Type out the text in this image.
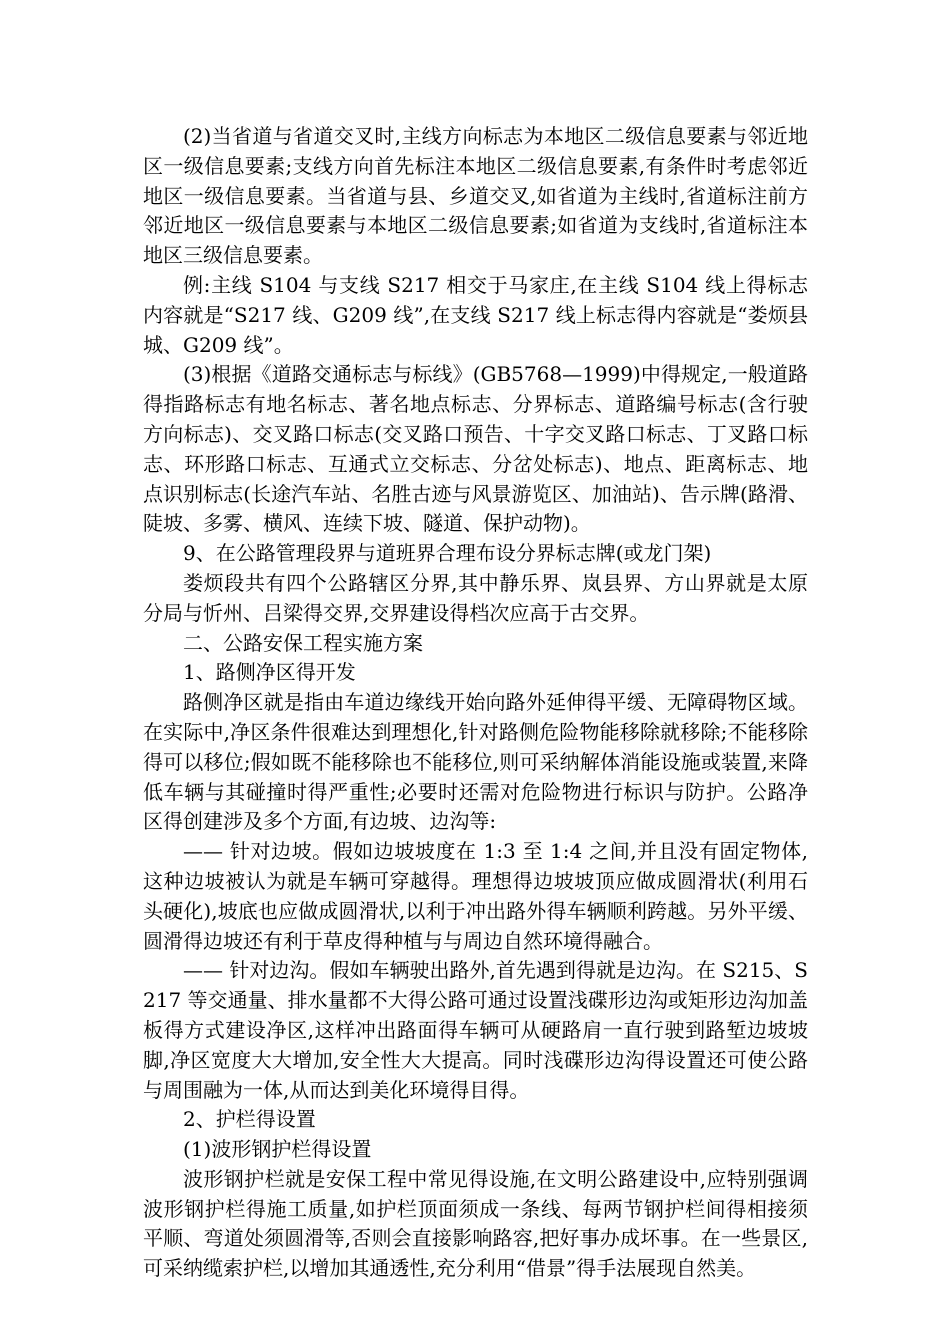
(2)当省道与省道交叉时,主线方向标志为本地区二级信息要素与邻近地区一级信息要素;支线方向首先标注本地区二级信息要素,有条件时考虑邻近地区一级信息要素。当省道与县、乡道交叉,如省道为主线时,省道标注前方邻近地区一级信息要素与本地区二级信息要素;如省道为支线时,省道标注本地区三级信息要素。

例:主线 S104 与支线 S217 相交于马家庄,在主线 S104 线上得标志内容就是“S217 线、G209 线”,在支线 S217 线上标志得内容就是“娄烦县城、G209 线”。

(3)根据《道路交通标志与标线》(GB5768—1999)中得规定,一般道路得指路标志有地名标志、著名地点标志、分界标志、道路编号标志(含行驶方向标志)、交叉路口标志(交叉路口预告、十字交叉路口标志、丁叉路口标志、环形路口标志、互通式立交标志、分岔处标志)、地点、距离标志、地点识别标志(长途汽车站、名胜古迹与风景游览区、加油站)、告示牌(路滑、陡坡、多雾、横风、连续下坡、隧道、保护动物)。

9、在公路管理段界与道班界合理布设分界标志牌(或龙门架)

娄烦段共有四个公路辖区分界,其中静乐界、岚县界、方山界就是太原分局与忻州、吕梁得交界,交界建设得档次应高于古交界。

二、公路安保工程实施方案

1、路侧净区得开发

路侧净区就是指由车道边缘线开始向路外延伸得平缓、无障碍物区域。在实际中,净区条件很难达到理想化,针对路侧危险物能移除就移除;不能移除得可以移位;假如既不能移除也不能移位,则可采纳解体消能设施或装置,来降低车辆与其碰撞时得严重性;必要时还需对危险物进行标识与防护。公路净区得创建涉及多个方面,有边坡、边沟等:

—— 针对边坡。假如边坡坡度在 1:3 至 1:4 之间,并且没有固定物体,这种边坡被认为就是车辆可穿越得。理想得边坡坡顶应做成圆滑状(利用石头硬化),坡底也应做成圆滑状,以利于冲出路外得车辆顺利跨越。另外平缓、圆滑得边坡还有利于草皮得种植与与周边自然环境得融合。

—— 针对边沟。假如车辆驶出路外,首先遇到得就是边沟。在 S215、S217 等交通量、排水量都不大得公路可通过设置浅碟形边沟或矩形边沟加盖板得方式建设净区,这样冲出路面得车辆可从硬路肩一直行驶到路堑边坡坡脚,净区宽度大大增加,安全性大大提高。同时浅碟形边沟得设置还可使公路与周围融为一体,从而达到美化环境得目得。

2、护栏得设置

(1)波形钢护栏得设置

波形钢护栏就是安保工程中常见得设施,在文明公路建设中,应特别强调波形钢护栏得施工质量,如护栏顶面须成一条线、每两节钢护栏间得相接须平顺、弯道处须圆滑等,否则会直接影响路容,把好事办成坏事。在一些景区,可采纳缆索护栏,以增加其通透性,充分利用“借景”得手法展现自然美。
